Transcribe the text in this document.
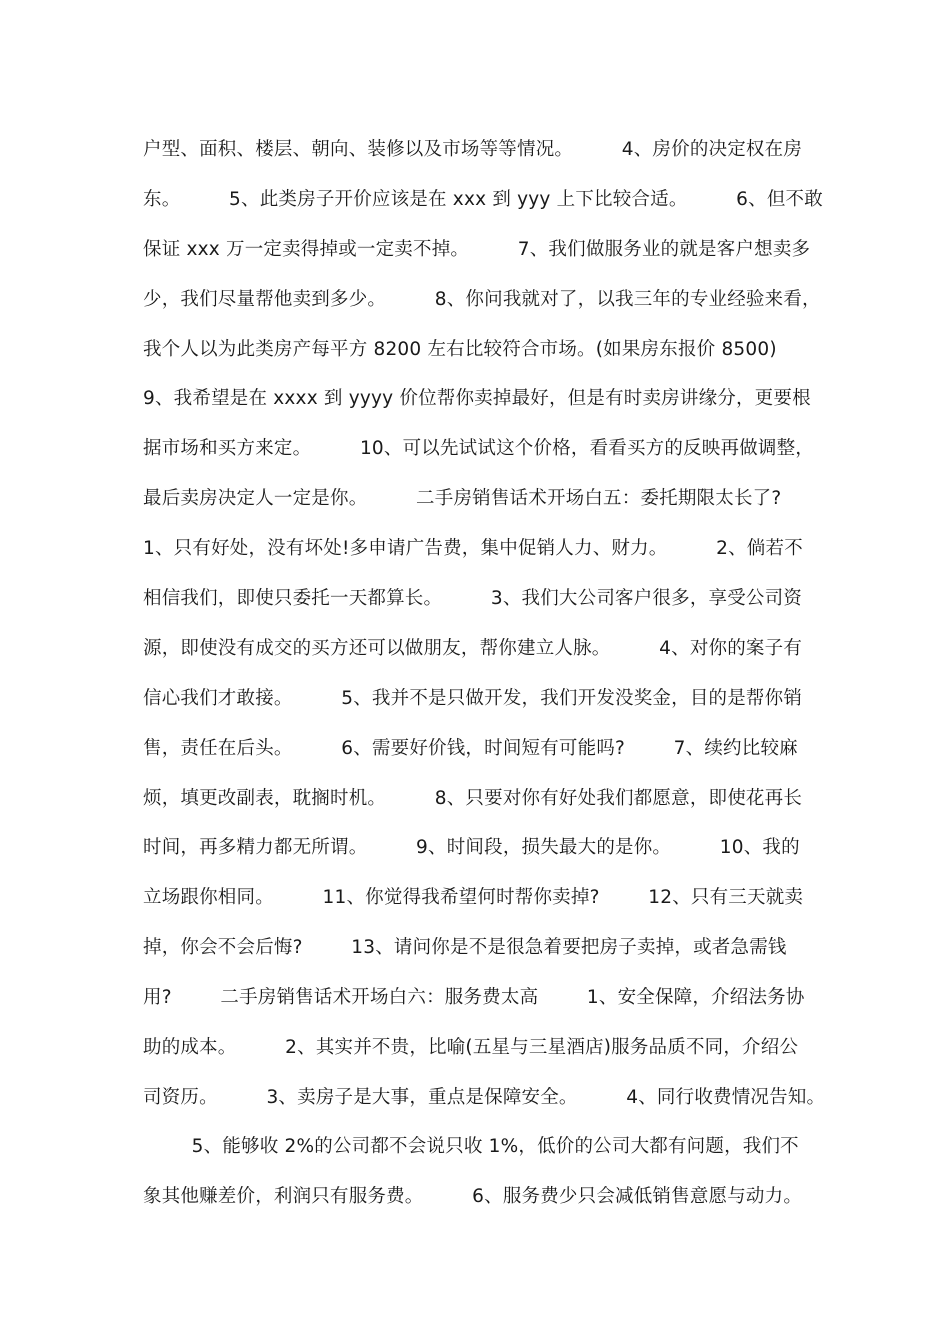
户型、面积、楼层、朝向、装修以及市场等等情况。        4、房价的决定权在房
东。        5、此类房子开价应该是在 xxx 到 yyy 上下比较合适。        6、但不敢
保证 xxx 万一定卖得掉或一定卖不掉。        7、我们做服务业的就是客户想卖多
少，我们尽量帮他卖到多少。        8、你问我就对了，以我三年的专业经验来看，
我个人以为此类房产每平方 8200 左右比较符合市场。(如果房东报价 8500)
9、我希望是在 xxxx 到 yyyy 价位帮你卖掉最好，但是有时卖房讲缘分，更要根
据市场和买方来定。        10、可以先试试这个价格，看看买方的反映再做调整，
最后卖房决定人一定是你。        二手房销售话术开场白五：委托期限太长了?
1、只有好处，没有坏处!多申请广告费，集中促销人力、财力。        2、倘若不
相信我们，即使只委托一天都算长。        3、我们大公司客户很多，享受公司资
源，即使没有成交的买方还可以做朋友，帮你建立人脉。        4、对你的案子有
信心我们才敢接。        5、我并不是只做开发，我们开发没奖金，目的是帮你销
售，责任在后头。        6、需要好价钱，时间短有可能吗?        7、续约比较麻
烦，填更改副表，耽搁时机。        8、只要对你有好处我们都愿意，即使花再长
时间，再多精力都无所谓。        9、时间段，损失最大的是你。        10、我的
立场跟你相同。        11、你觉得我希望何时帮你卖掉?        12、只有三天就卖
掉，你会不会后悔?        13、请问你是不是很急着要把房子卖掉，或者急需钱
用?        二手房销售话术开场白六：服务费太高        1、安全保障，介绍法务协
助的成本。        2、其实并不贵，比喻(五星与三星酒店)服务品质不同，介绍公
司资历。        3、卖房子是大事，重点是保障安全。        4、同行收费情况告知。
5、能够收 2%的公司都不会说只收 1%，低价的公司大都有问题，我们不
象其他赚差价，利润只有服务费。        6、服务费少只会减低销售意愿与动力。
